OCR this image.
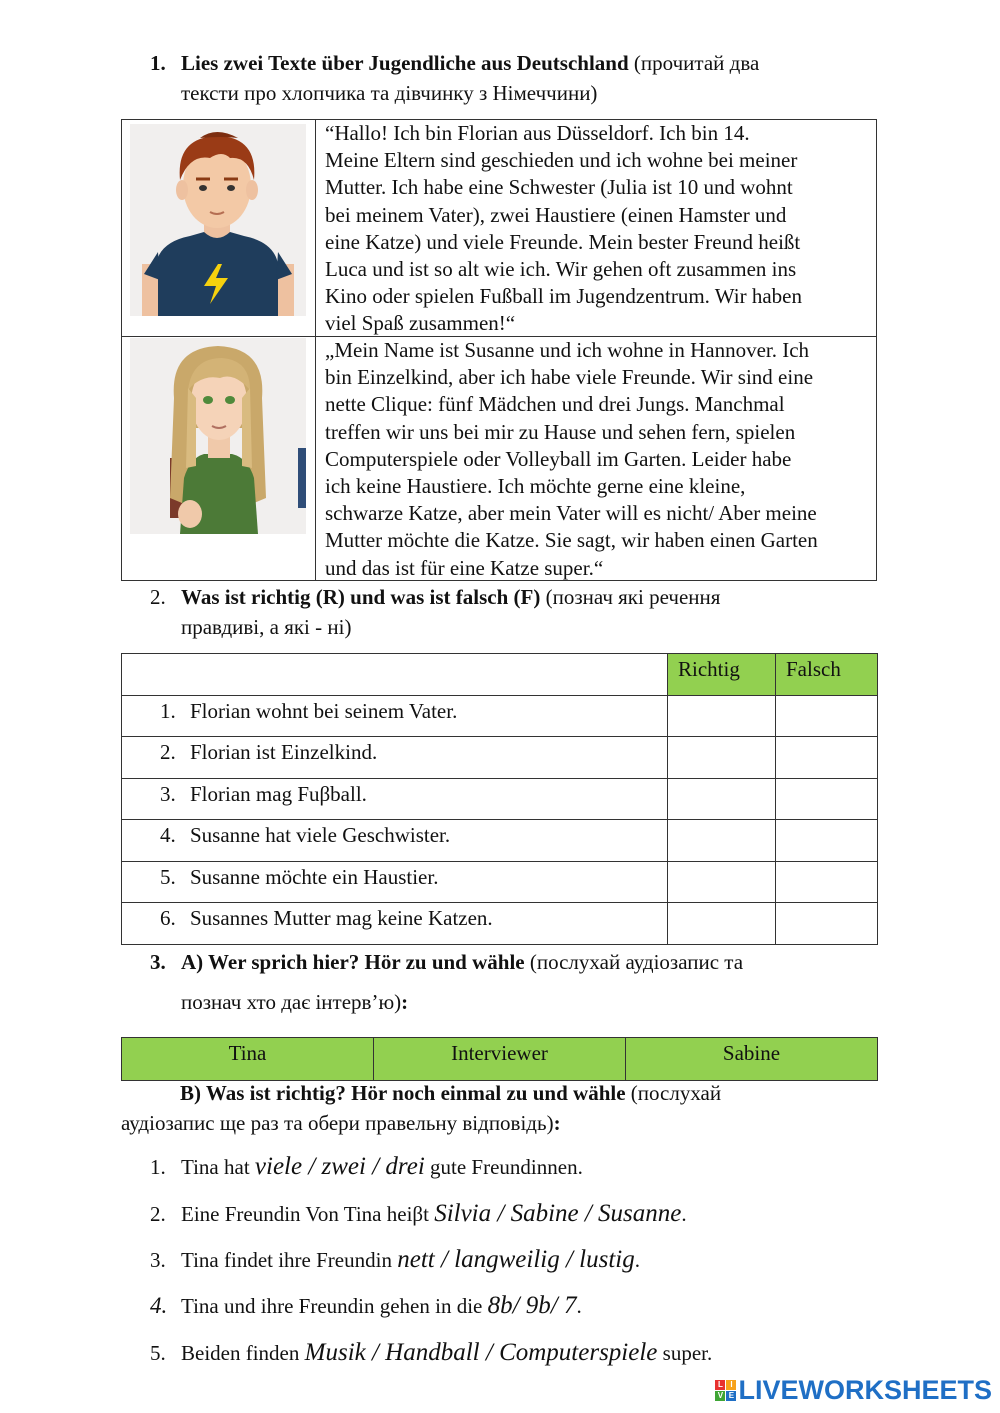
1. Lies zwei Texte über Jugendliche aus Deutschland (прочитай два
тексти про хлопчика та дівчинку з Німеччини)
“Hallo! Ich bin Florian aus Düsseldorf. Ich bin 14.
Meine Eltern sind geschieden und ich wohne bei meiner
Mutter. Ich habe eine Schwester (Julia ist 10 und wohnt
bei meinem Vater), zwei Haustiere (einen Hamster und
eine Katze) und viele Freunde. Mein bester Freund heißt
Luca und ist so alt wie ich. Wir gehen oft zusammen ins
Kino oder spielen Fußball im Jugendzentrum. Wir haben
viel Spaß zusammen!“
„Mein Name ist Susanne und ich wohne in Hannover. Ich
bin Einzelkind, aber ich habe viele Freunde. Wir sind eine
nette Clique: fünf Mädchen und drei Jungs. Manchmal
treffen wir uns bei mir zu Hause und sehen fern, spielen
Computerspiele oder Volleyball im Garten. Leider habe
ich keine Haustiere. Ich möchte gerne eine kleine,
schwarze Katze, aber mein Vater will es nicht/ Aber meine
Mutter möchte die Katze. Sie sagt, wir haben einen Garten
und das ist für eine Katze super.“
2. Was ist richtig (R) und was ist falsch (F) (познач які речення
правдиві, а які - ні)
	Richtig	Falsch
1. Florian wohnt bei seinem Vater.		
2. Florian ist Einzelkind.		
3. Florian mag Fuβball.		
4. Susanne hat viele Geschwister.		
5. Susanne möchte ein Haustier.		
6. Susannes Mutter mag keine Katzen.		
3. A) Wer sprich hier? Hör zu und wähle (послухай аудіозапис та
познач хто дає інтерв’ю):
Tina	Interviewer	Sabine
B) Was ist richtig? Hör noch einmal zu und wähle (послухай
аудіозапис ще раз та обери правельну відповідь):
1. Tina hat viele / zwei / drei gute Freundinnen.
2. Eine Freundin Von Tina heiβt Silvia / Sabine / Susanne.
3. Tina findet ihre Freundin nett / langweilig / lustig.
4. Tina und ihre Freundin gehen in die 8b/ 9b/ 7.
5. Beiden finden Musik / Handball / Computerspiele super.
L I
V E LIVEWORKSHEETS
